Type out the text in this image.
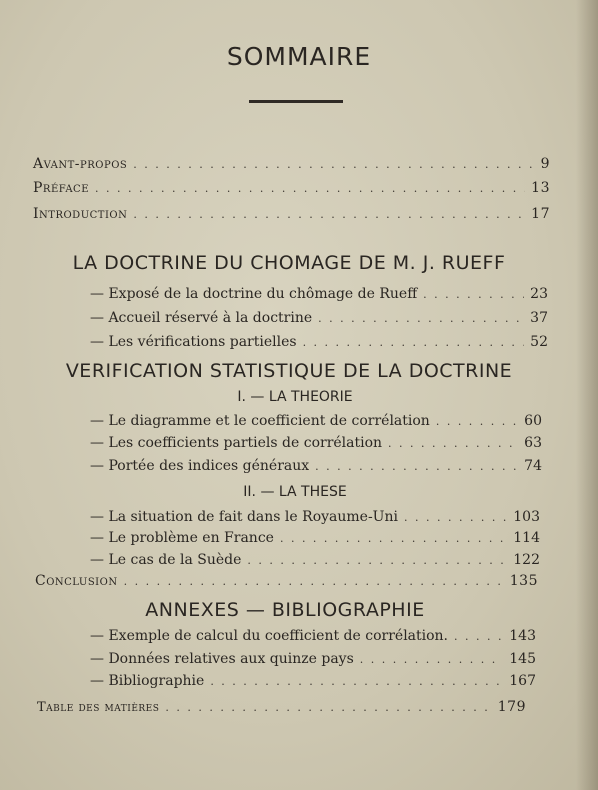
SOMMAIRE
Avant-propos . . .	9
Préface . . .	13
Introduction . . .	17
LA DOCTRINE DU CHOMAGE DE M. J. RUEFF
— Exposé de la doctrine du chômage de Rueff . . .	23
— Accueil réservé à la doctrine . . .	37
— Les vérifications partielles . . .	52
VERIFICATION STATISTIQUE DE LA DOCTRINE
I. — LA THEORIE
— Le diagramme et le coefficient de corrélation . . .	60
— Les coefficients partiels de corrélation . . .	63
— Portée des indices généraux . . .	74
II. — LA THESE
— La situation de fait dans le Royaume-Uni . . .	103
— Le problème en France . . .	114
— Le cas de la Suède . . .	122
Conclusion . . .	135
ANNEXES — BIBLIOGRAPHIE
— Exemple de calcul du coefficient de corrélation. . . .	143
— Données relatives aux quinze pays . . .	145
— Bibliographie . . .	167
Table des matières . . .	179
